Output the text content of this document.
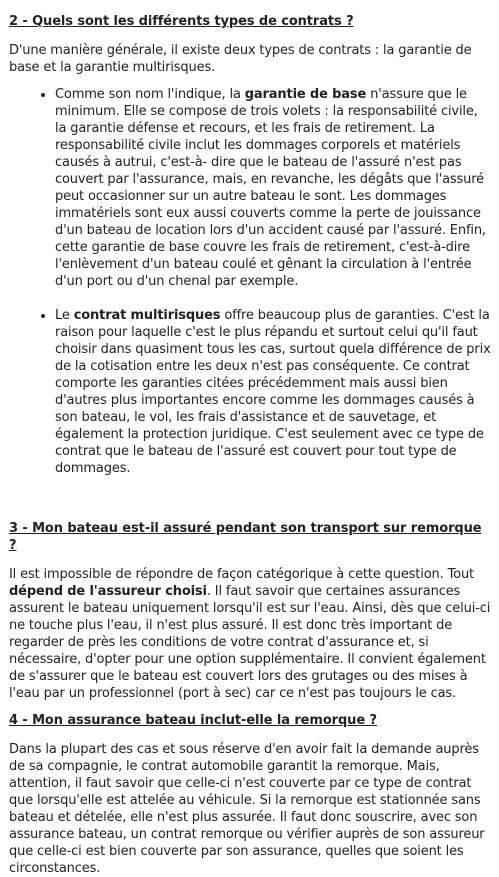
2 - Quels sont les différents types de contrats ?

D'une manière générale, il existe deux types de contrats : la garantie de base et la garantie multirisques.

• Comme son nom l'indique, la garantie de base n'assure que le minimum. Elle se compose de trois volets : la responsabilité civile, la garantie défense et recours, et les frais de retirement. La responsabilité civile inclut les dommages corporels et matériels causés à autrui, c'est-à- dire que le bateau de l'assuré n'est pas couvert par l'assurance, mais, en revanche, les dégâts que l'assuré peut occasionner sur un autre bateau le sont. Les dommages immatériels sont eux aussi couverts comme la perte de jouissance d'un bateau de location lors d'un accident causé par l'assuré. Enfin, cette garantie de base couvre les frais de retirement, c'est-à-dire l'enlèvement d'un bateau coulé et gênant la circulation à l'entrée d'un port ou d'un chenal par exemple.
• Le contrat multirisques offre beaucoup plus de garanties. C'est la raison pour laquelle c'est le plus répandu et surtout celui qu'il faut choisir dans quasiment tous les cas, surtout quela différence de prix de la cotisation entre les deux n'est pas conséquente. Ce contrat comporte les garanties citées précédemment mais aussi bien d'autres plus importantes encore comme les dommages causés à son bateau, le vol, les frais d'assistance et de sauvetage, et également la protection juridique. C'est seulement avec ce type de contrat que le bateau de l'assuré est couvert pour tout type de dommages.
3 - Mon bateau est-il assuré pendant son transport sur remorque ?

Il est impossible de répondre de façon catégorique à cette question. Tout dépend de l'assureur choisi. Il faut savoir que certaines assurances assurent le bateau uniquement lorsqu'il est sur l'eau. Ainsi, dès que celui-ci ne touche plus l'eau, il n'est plus assuré. Il est donc très important de regarder de près les conditions de votre contrat d'assurance et, si nécessaire, d'opter pour une option supplémentaire. Il convient également de s'assurer que le bateau est couvert lors des grutages ou des mises à l'eau par un professionnel (port à sec) car ce n'est pas toujours le cas.

4 - Mon assurance bateau inclut-elle la remorque ?

Dans la plupart des cas et sous réserve d'en avoir fait la demande auprès de sa compagnie, le contrat automobile garantit la remorque. Mais, attention, il faut savoir que celle-ci n'est couverte par ce type de contrat que lorsqu'elle est attelée au véhicule. Si la remorque est stationnée sans bateau et dételée, elle n'est plus assurée. Il faut donc souscrire, avec son assurance bateau, un contrat remorque ou vérifier auprès de son assureur que celle-ci est bien couverte par son assurance, quelles que soient les circonstances.
